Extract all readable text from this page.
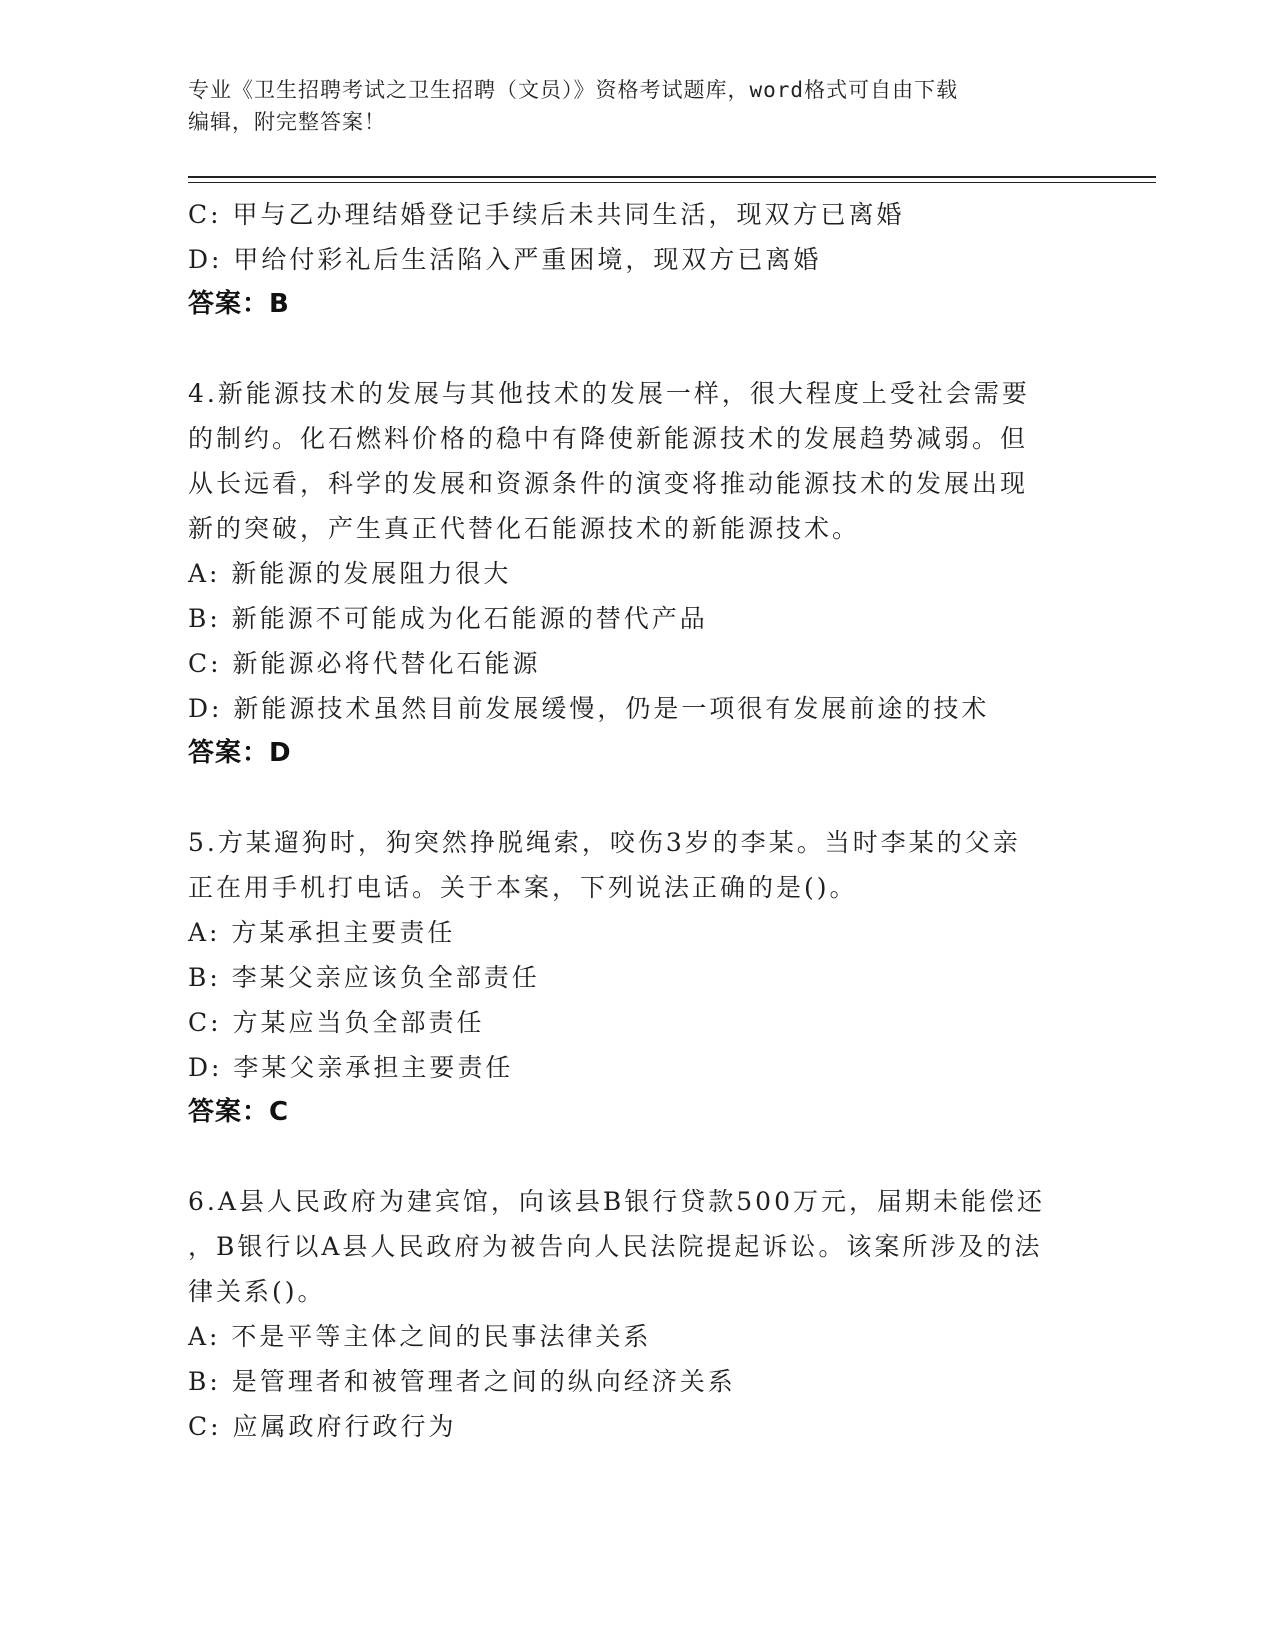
专业《卫生招聘考试之卫生招聘（文员）》资格考试题库，word格式可自由下载
编辑，附完整答案！
C: 甲与乙办理结婚登记手续后未共同生活，现双方已离婚
D: 甲给付彩礼后生活陷入严重困境，现双方已离婚
答案：B
4.新能源技术的发展与其他技术的发展一样，很大程度上受社会需要
的制约。化石燃料价格的稳中有降使新能源技术的发展趋势减弱。但
从长远看，科学的发展和资源条件的演变将推动能源技术的发展出现
新的突破，产生真正代替化石能源技术的新能源技术。
A: 新能源的发展阻力很大
B: 新能源不可能成为化石能源的替代产品
C: 新能源必将代替化石能源
D: 新能源技术虽然目前发展缓慢，仍是一项很有发展前途的技术
答案：D
5.方某遛狗时，狗突然挣脱绳索，咬伤3岁的李某。当时李某的父亲
正在用手机打电话。关于本案，下列说法正确的是()。
A: 方某承担主要责任
B: 李某父亲应该负全部责任
C: 方某应当负全部责任
D: 李某父亲承担主要责任
答案：C
6.A县人民政府为建宾馆，向该县B银行贷款500万元，届期未能偿还
，B银行以A县人民政府为被告向人民法院提起诉讼。该案所涉及的法
律关系()。
A: 不是平等主体之间的民事法律关系
B: 是管理者和被管理者之间的纵向经济关系
C: 应属政府行政行为
